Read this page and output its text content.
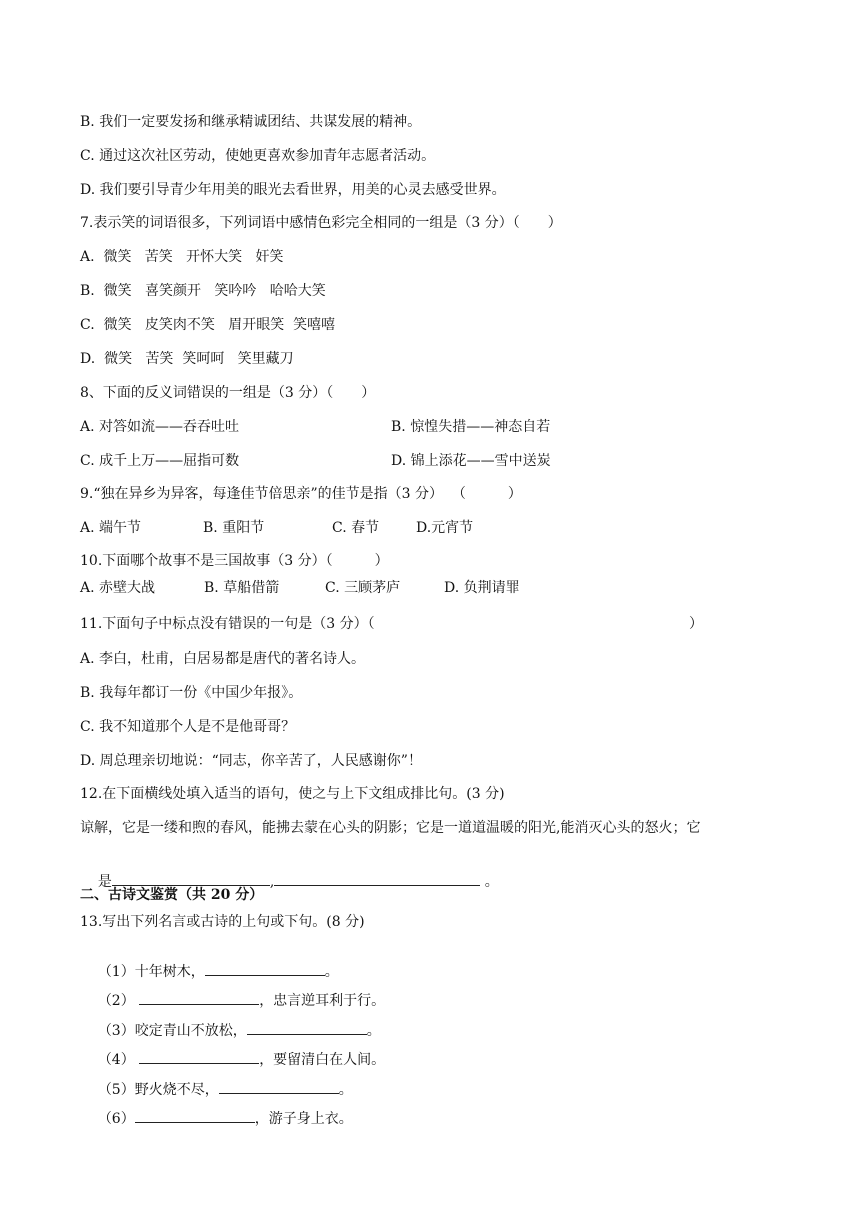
B. 我们一定要发扬和继承精诚团结、共谋发展的精神。
C. 通过这次社区劳动，使她更喜欢参加青年志愿者活动。
D. 我们要引导青少年用美的眼光去看世界，用美的心灵去感受世界。
7.表示笑的词语很多，下列词语中感情色彩完全相同的一组是（3 分）（　　）
A.  微笑   苦笑   开怀大笑   奸笑
B.  微笑   喜笑颜开   笑吟吟   哈哈大笑
C.  微笑   皮笑肉不笑   眉开眼笑  笑嘻嘻
D.  微笑   苦笑  笑呵呵   笑里藏刀
8、下面的反义词错误的一组是（3 分）（　　）
A. 对答如流——吞吞吐吐	B. 惊惶失措——神态自若
C. 成千上万——屈指可数	D. 锦上添花——雪中送炭
9.“独在异乡为异客，每逢佳节倍思亲”的佳节是指（3 分）  （　　　）
A. 端午节	B. 重阳节	C. 春节	D.元宵节
10.下面哪个故事不是三国故事（3 分）（　　　）
A. 赤壁大战	B. 草船借箭	C. 三顾茅庐	D. 负荆请罪
11.下面句子中标点没有错误的一句是（3 分）（	）
A. 李白，杜甫，白居易都是唐代的著名诗人。
B. 我每年都订一份《中国少年报》。
C. 我不知道那个人是不是他哥哥？
D. 周总理亲切地说：“同志，你辛苦了，人民感谢你”！
12.在下面横线处填入适当的语句，使之与上下文组成排比句。(3 分)
谅解，它是一缕和煦的春风，能拂去蒙在心头的阴影；它是一道道温暖的阳光,能消灭心头的怒火；它

是	,	。

二、古诗文鉴赏（共 20 分）
13.写出下列名言或古诗的上句或下句。(8 分)

（1）十年树木，	。

（2）	，忠言逆耳利于行。

（3）咬定青山不放松，	。

（4）	，要留清白在人间。

（5）野火烧不尽，	。

（6）	，游子身上衣。
